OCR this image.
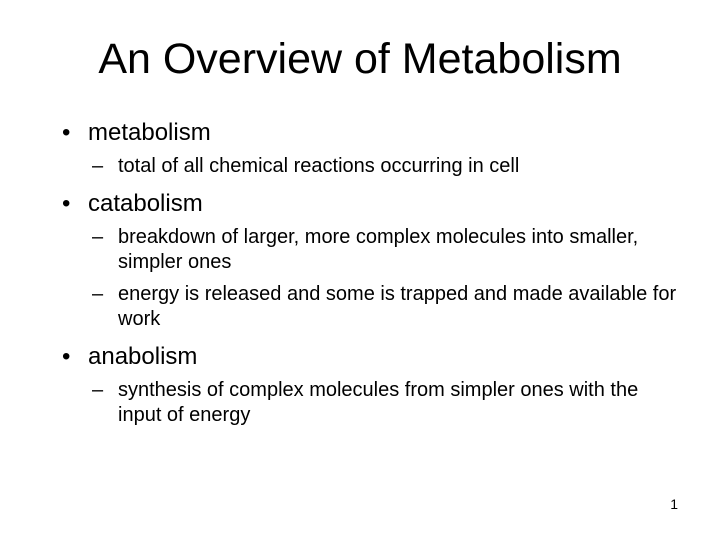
An Overview of Metabolism
• metabolism
– total of all chemical reactions occurring in cell
• catabolism
– breakdown of larger, more complex molecules into smaller, simpler ones
– energy is released and some is trapped and made available for work
• anabolism
– synthesis of complex molecules from simpler ones with the input of energy
1
